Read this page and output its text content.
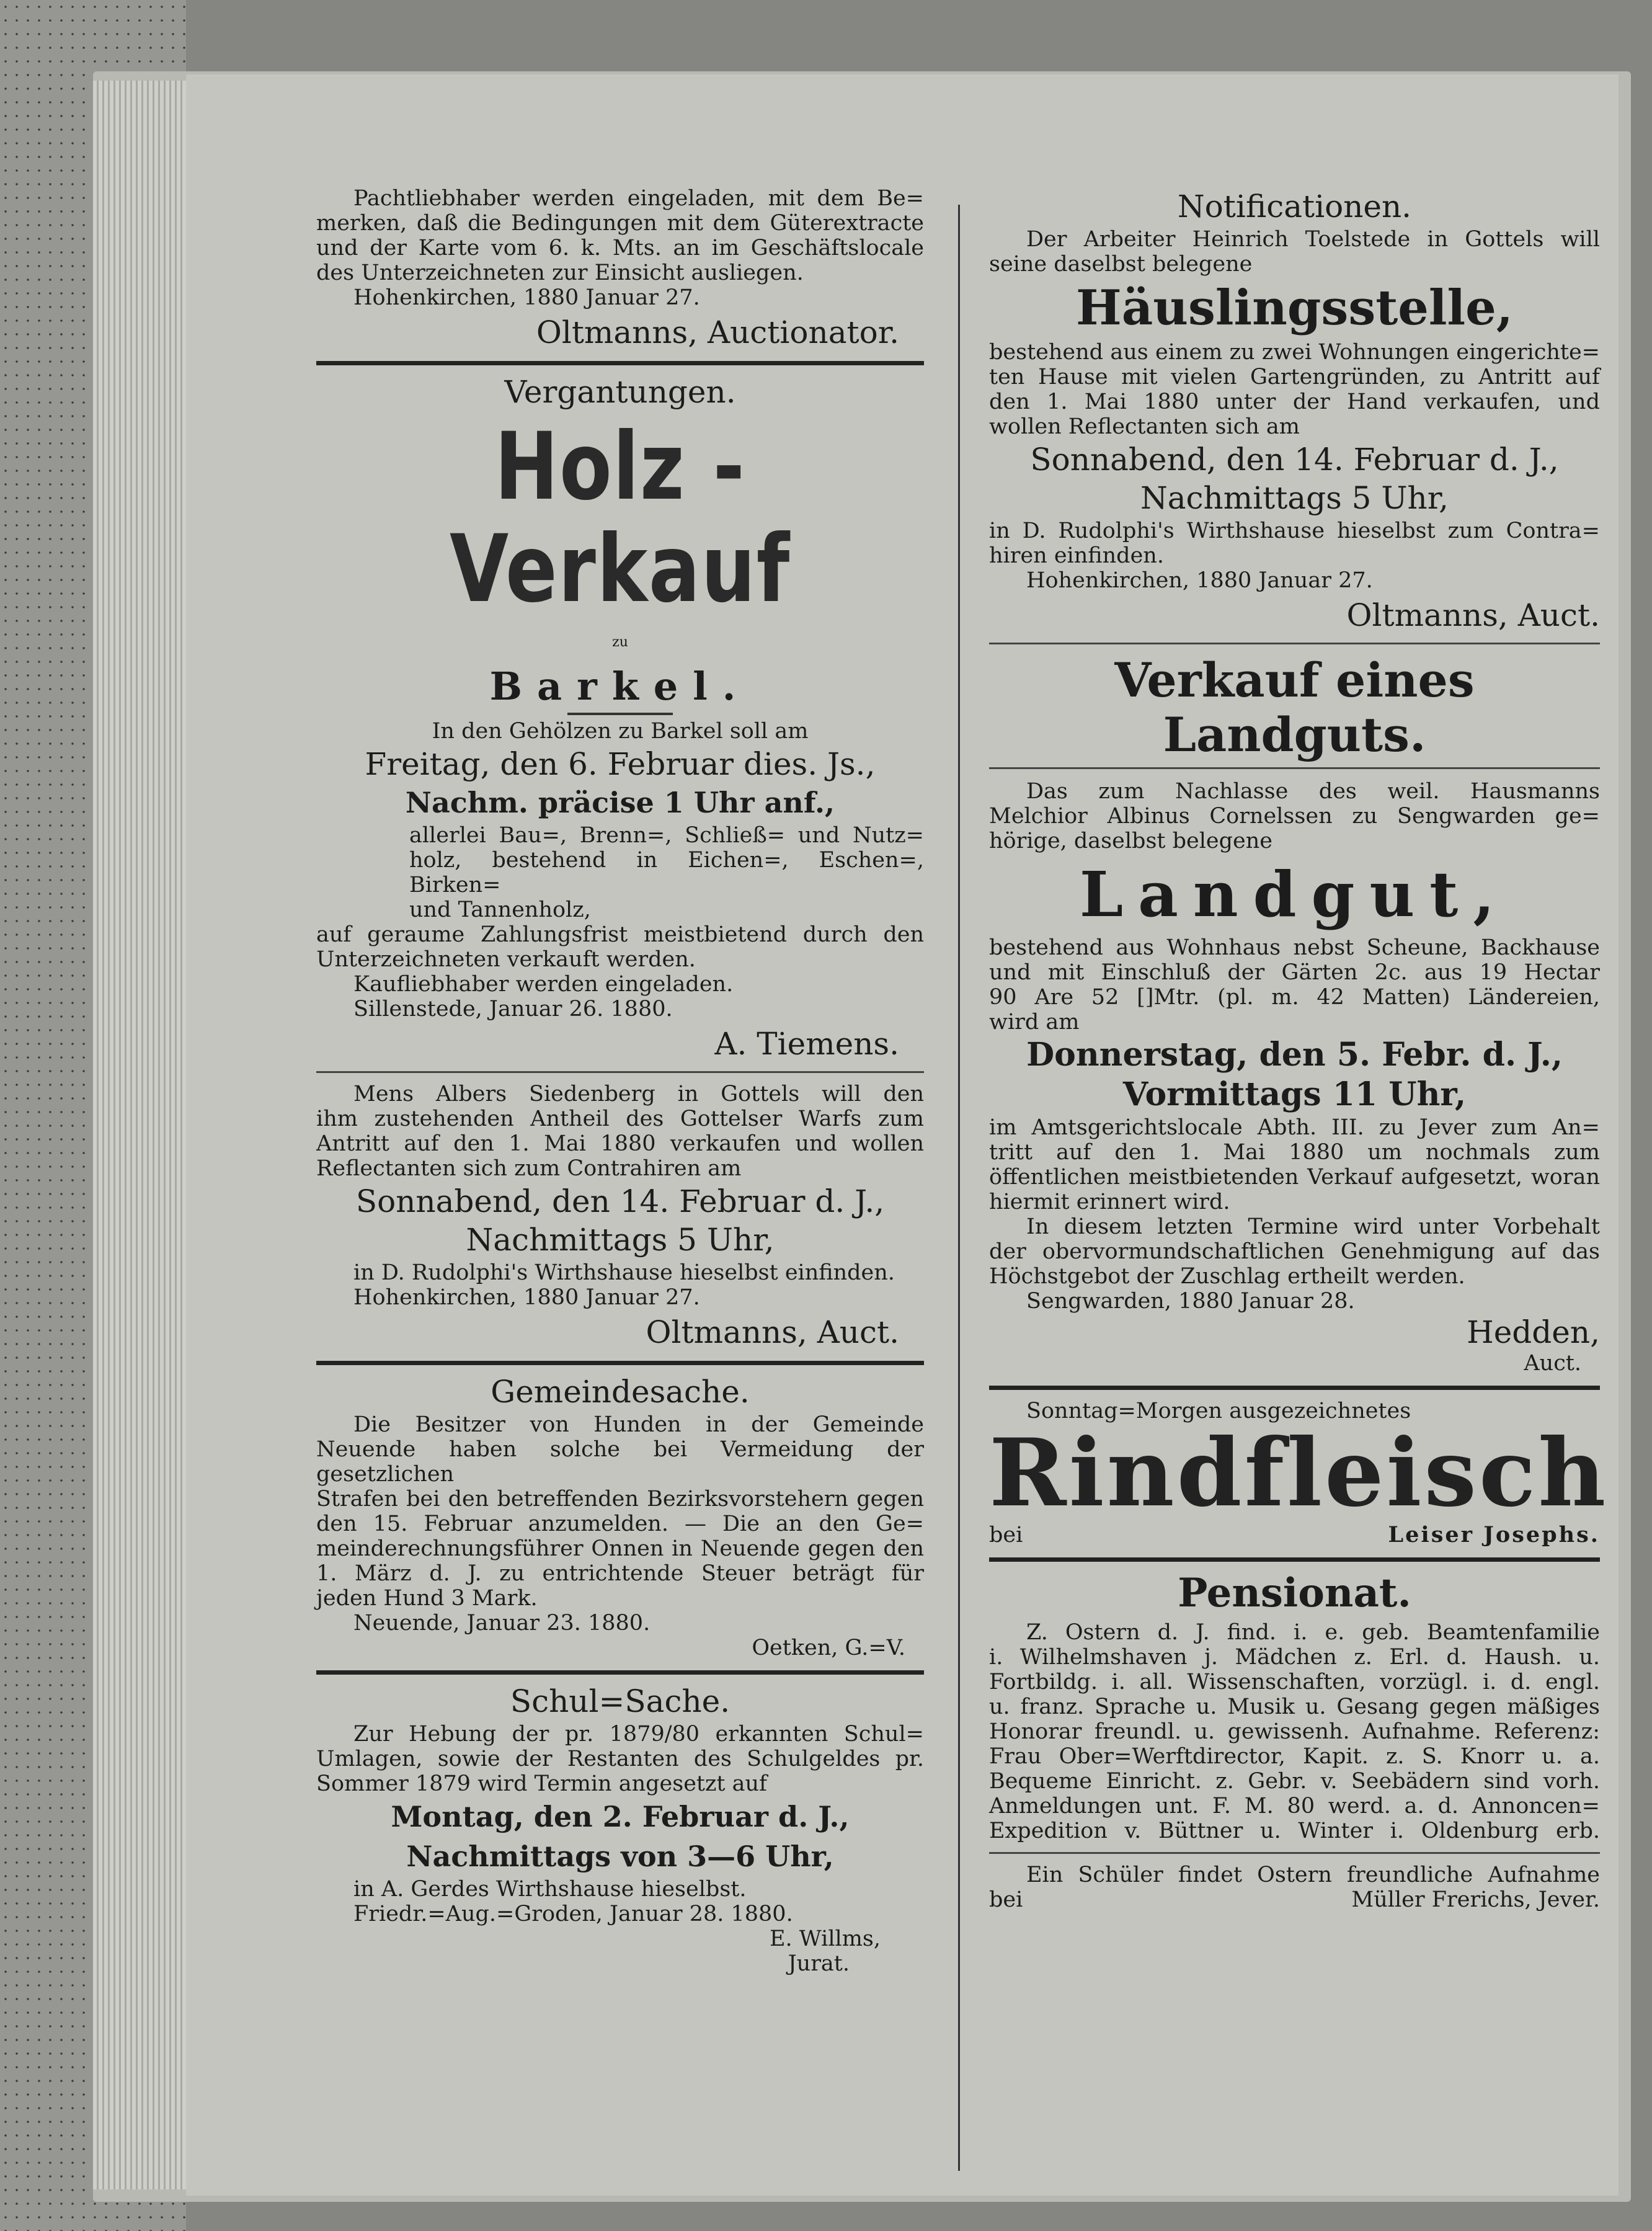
Pachtliebhaber werden eingeladen, mit dem Be=

merken, daß die Bedingungen mit dem Güterextracte

und der Karte vom 6. k. Mts. an im Geschäftslocale

des Unterzeichneten zur Einsicht ausliegen.

Hohenkirchen, 1880 Januar 27.

Oltmanns, Auctionator.

Vergantungen.

Holz - Verkauf

zu

Barkel.

In den Gehölzen zu Barkel soll am

Freitag, den 6. Februar dies. Js.,

Nachm. präcise 1 Uhr anf.,

allerlei Bau=, Brenn=, Schließ= und Nutz=

holz, bestehend in Eichen=, Eschen=, Birken=

und Tannenholz,

auf geraume Zahlungsfrist meistbietend durch den

Unterzeichneten verkauft werden.

Kaufliebhaber werden eingeladen.

Sillenstede, Januar 26. 1880.

A. Tiemens.

Mens Albers Siedenberg in Gottels will den

ihm zustehenden Antheil des Gottelser Warfs zum

Antritt auf den 1. Mai 1880 verkaufen und wollen

Reflectanten sich zum Contrahiren am

Sonnabend, den 14. Februar d. J.,

Nachmittags 5 Uhr,

in D. Rudolphi's Wirthshause hieselbst einfinden.

Hohenkirchen, 1880 Januar 27.

Oltmanns, Auct.

Gemeindesache.

Die Besitzer von Hunden in der Gemeinde

Neuende haben solche bei Vermeidung der gesetzlichen

Strafen bei den betreffenden Bezirksvorstehern gegen

den 15. Februar anzumelden. — Die an den Ge=

meinderechnungsführer Onnen in Neuende gegen den

1. März d. J. zu entrichtende Steuer beträgt für

jeden Hund 3 Mark.

Neuende, Januar 23. 1880.

Oetken, G.=V.

Schul=Sache.

Zur Hebung der pr. 1879/80 erkannten Schul=

Umlagen, sowie der Restanten des Schulgeldes pr.

Sommer 1879 wird Termin angesetzt auf

Montag, den 2. Februar d. J.,

Nachmittags von 3—6 Uhr,

in A. Gerdes Wirthshause hieselbst.

Friedr.=Aug.=Groden, Januar 28. 1880.

E. Willms,

Jurat.

Notificationen.

Der Arbeiter Heinrich Toelstede in Gottels will

seine daselbst belegene

Häuslingsstelle,

bestehend aus einem zu zwei Wohnungen eingerichte=

ten Hause mit vielen Gartengründen, zu Antritt auf

den 1. Mai 1880 unter der Hand verkaufen, und

wollen Reflectanten sich am

Sonnabend, den 14. Februar d. J.,

Nachmittags 5 Uhr,

in D. Rudolphi's Wirthshause hieselbst zum Contra=

hiren einfinden.

Hohenkirchen, 1880 Januar 27.

Oltmanns, Auct.

Verkauf eines Landguts.

Das zum Nachlasse des weil. Hausmanns

Melchior Albinus Cornelssen zu Sengwarden ge=

hörige, daselbst belegene

Landgut,

bestehend aus Wohnhaus nebst Scheune, Backhause

und mit Einschluß der Gärten 2c. aus 19 Hectar

90 Are 52 []Mtr. (pl. m. 42 Matten) Ländereien,

wird am

Donnerstag, den 5. Febr. d. J.,

Vormittags 11 Uhr,

im Amtsgerichtslocale Abth. III. zu Jever zum An=

tritt auf den 1. Mai 1880 um nochmals zum

öffentlichen meistbietenden Verkauf aufgesetzt, woran

hiermit erinnert wird.

In diesem letzten Termine wird unter Vorbehalt

der obervormundschaftlichen Genehmigung auf das

Höchstgebot der Zuschlag ertheilt werden.

Sengwarden, 1880 Januar 28.

Hedden,

Auct.

Sonntag=Morgen ausgezeichnetes

Rindfleisch

bei	Leiser Josephs.

Pensionat.

Z. Ostern d. J. find. i. e. geb. Beamtenfamilie

i. Wilhelmshaven j. Mädchen z. Erl. d. Haush. u.

Fortbildg. i. all. Wissenschaften, vorzügl. i. d. engl.

u. franz. Sprache u. Musik u. Gesang gegen mäßiges

Honorar freundl. u. gewissenh. Aufnahme. Referenz:

Frau Ober=Werftdirector, Kapit. z. S. Knorr u. a.

Bequeme Einricht. z. Gebr. v. Seebädern sind vorh.

Anmeldungen unt. F. M. 80 werd. a. d. Annoncen=

Expedition v. Büttner u. Winter i. Oldenburg erb.

Ein Schüler findet Ostern freundliche Aufnahme

bei	Müller Frerichs, Jever.
